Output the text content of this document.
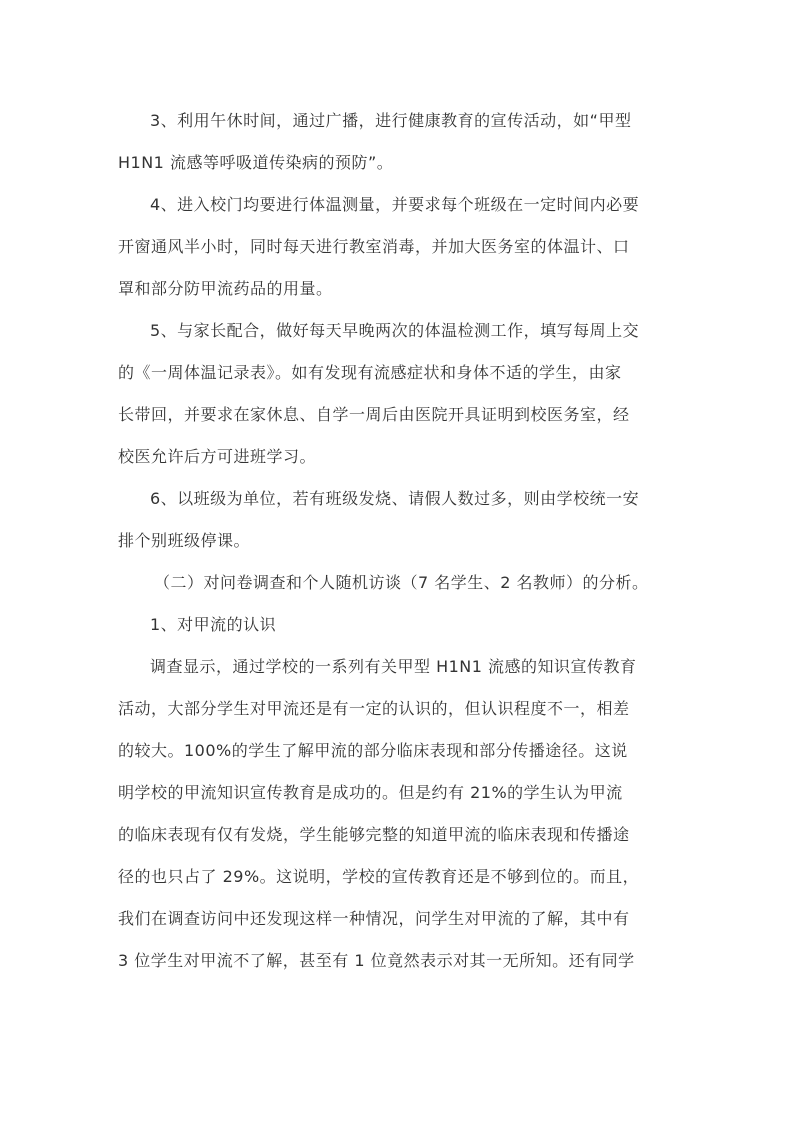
3、利用午休时间，通过广播，进行健康教育的宣传活动，如“甲型
H1N1 流感等呼吸道传染病的预防”。

4、进入校门均要进行体温测量，并要求每个班级在一定时间内必要
开窗通风半小时，同时每天进行教室消毒，并加大医务室的体温计、口
罩和部分防甲流药品的用量。

5、与家长配合，做好每天早晚两次的体温检测工作，填写每周上交
的《一周体温记录表》。如有发现有流感症状和身体不适的学生，由家
长带回，并要求在家休息、自学一周后由医院开具证明到校医务室，经
校医允许后方可进班学习。

6、以班级为单位，若有班级发烧、请假人数过多，则由学校统一安
排个别班级停课。

（二）对问卷调查和个人随机访谈（7 名学生、2 名教师）的分析。

1、对甲流的认识

调查显示，通过学校的一系列有关甲型 H1N1 流感的知识宣传教育
活动，大部分学生对甲流还是有一定的认识的，但认识程度不一，相差
的较大。100%的学生了解甲流的部分临床表现和部分传播途径。这说
明学校的甲流知识宣传教育是成功的。但是约有 21%的学生认为甲流
的临床表现有仅有发烧，学生能够完整的知道甲流的临床表现和传播途
径的也只占了 29%。这说明，学校的宣传教育还是不够到位的。而且，
我们在调查访问中还发现这样一种情况，问学生对甲流的了解，其中有
3 位学生对甲流不了解，甚至有 1 位竟然表示对其一无所知。还有同学
